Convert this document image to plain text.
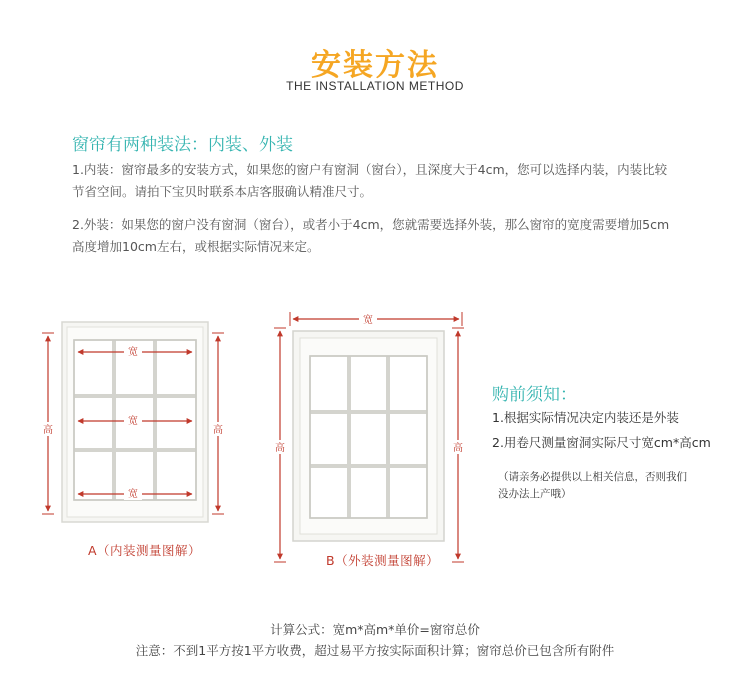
安装方法
THE INSTALLATION METHOD
窗帘有两种装法：内装、外装
1.内装：窗帘最多的安装方式，如果您的窗户有窗洞（窗台），且深度大于4cm，您可以选择内装，内装比较
节省空间。请拍下宝贝时联系本店客服确认精准尺寸。
2.外装：如果您的窗户没有窗洞（窗台），或者小于4cm，您就需要选择外装，那么窗帘的宽度需要增加5cm
高度增加10cm左右，或根据实际情况来定。
宽
宽
宽
高	高
宽
高	高
A（内装测量图解）
B（外装测量图解）
购前须知：
1.根据实际情况决定内装还是外装
2.用卷尺测量窗洞实际尺寸宽cm*高cm
（请亲务必提供以上相关信息，否则我们
没办法上产哦）
计算公式：宽m*高m*单价=窗帘总价
注意：不到1平方按1平方收费，超过易平方按实际面积计算；窗帘总价已包含所有附件
